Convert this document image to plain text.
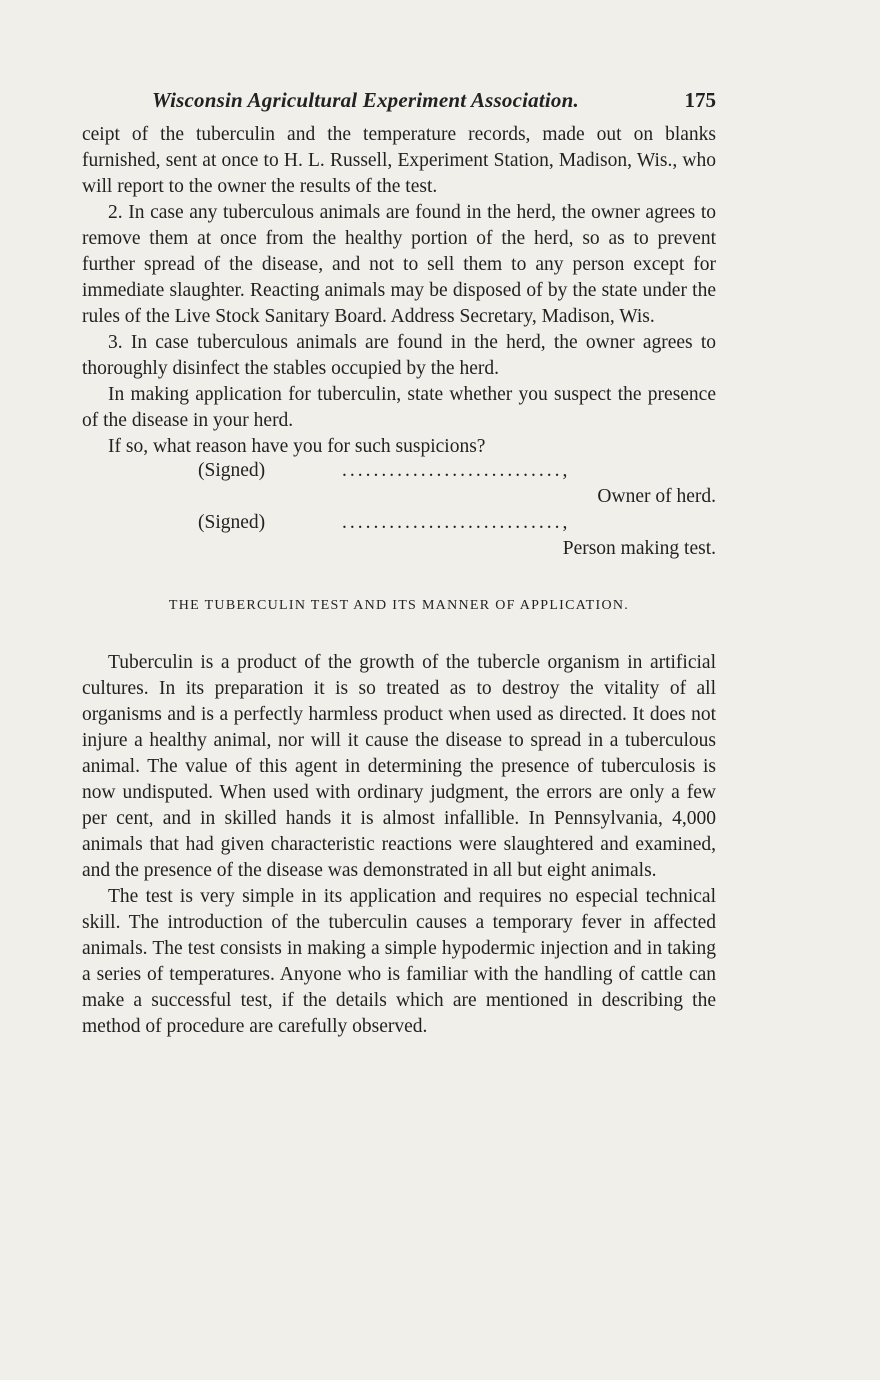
Wisconsin Agricultural Experiment Association.	175

ceipt of the tuberculin and the temperature records, made out on blanks furnished, sent at once to H. L. Russell, Experiment Station, Madison, Wis., who will report to the owner the results of the test.

2. In case any tuberculous animals are found in the herd, the owner agrees to remove them at once from the healthy portion of the herd, so as to prevent further spread of the disease, and not to sell them to any person except for immediate slaughter. Reacting animals may be disposed of by the state under the rules of the Live Stock Sanitary Board. Address Secretary, Madison, Wis.

3. In case tuberculous animals are found in the herd, the owner agrees to thoroughly disinfect the stables occupied by the herd.

In making application for tuberculin, state whether you suspect the presence of the disease in your herd.

If so, what reason have you for such suspicions?

(Signed)	............................,
Owner of herd.
(Signed)	............................,
Person making test.
THE TUBERCULIN TEST AND ITS MANNER OF APPLICATION.

Tuberculin is a product of the growth of the tubercle organism in artificial cultures. In its preparation it is so treated as to destroy the vitality of all organisms and is a perfectly harmless product when used as directed. It does not injure a healthy animal, nor will it cause the disease to spread in a tuberculous animal. The value of this agent in determining the presence of tuberculosis is now undisputed. When used with ordinary judgment, the errors are only a few per cent, and in skilled hands it is almost infallible. In Pennsylvania, 4,000 animals that had given characteristic reactions were slaughtered and examined, and the presence of the disease was demonstrated in all but eight animals.

The test is very simple in its application and requires no especial technical skill. The introduction of the tuberculin causes a temporary fever in affected animals. The test consists in making a simple hypodermic injection and in taking a series of temperatures. Anyone who is familiar with the handling of cattle can make a successful test, if the details which are mentioned in describing the method of procedure are carefully observed.
